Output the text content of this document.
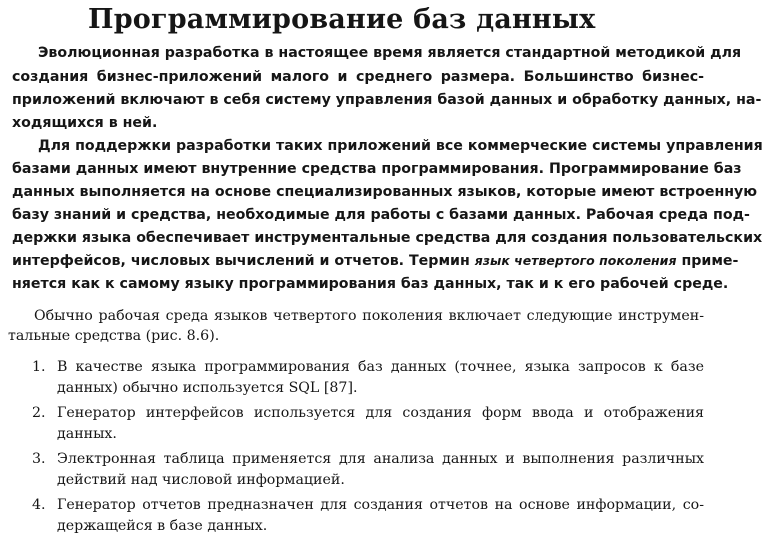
Программирование баз данных
Эволюционная разработка в настоящее время является стандартной методикой для
создания бизнес-приложений малого и среднего размера. Большинство бизнес-
приложений включают в себя систему управления базой данных и обработку данных, на-
ходящихся в ней.
Для поддержки разработки таких приложений все коммерческие системы управления
базами данных имеют внутренние средства программирования. Программирование баз
данных выполняется на основе специализированных языков, которые имеют встроенную
базу знаний и средства, необходимые для работы с базами данных. Рабочая среда под-
держки языка обеспечивает инструментальные средства для создания пользовательских
интерфейсов, числовых вычислений и отчетов. Термин язык четвертого поколения приме-
няется как к самому языку программирования баз данных, так и к его рабочей среде.
Обычно рабочая среда языков четвертого поколения включает следующие инструмен-
тальные средства (рис. 8.6).
1. В качестве языка программирования баз данных (точнее, языка запросов к базе
данных) обычно используется SQL [87].
2. Генератор интерфейсов используется для создания форм ввода и отображения
данных.
3. Электронная таблица применяется для анализа данных и выполнения различных
действий над числовой информацией.
4. Генератор отчетов предназначен для создания отчетов на основе информации, со-
держащейся в базе данных.
